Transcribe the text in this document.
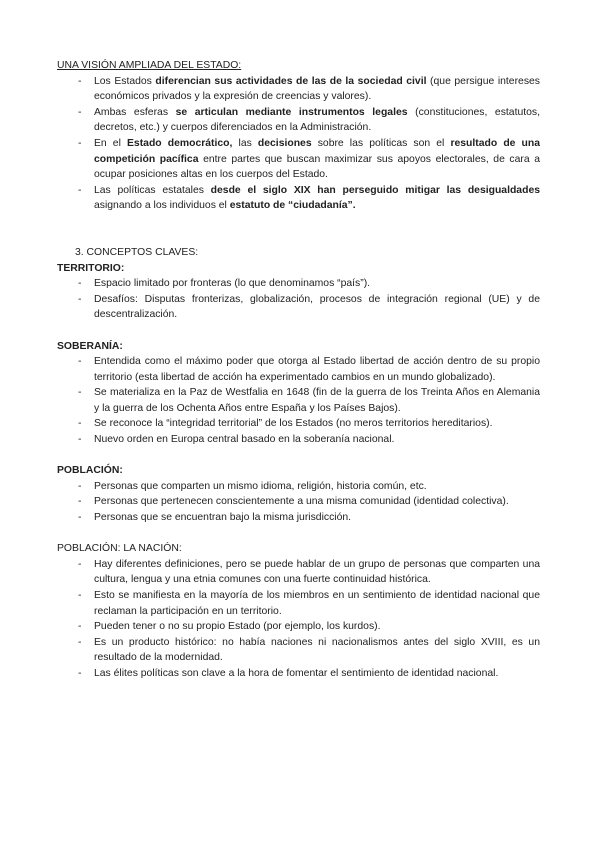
UNA VISIÓN AMPLIADA DEL ESTADO:

- Los Estados diferencian sus actividades de las de la sociedad civil (que persigue intereses económicos privados y la expresión de creencias y valores).
- Ambas esferas se articulan mediante instrumentos legales (constituciones, estatutos, decretos, etc.) y cuerpos diferenciados en la Administración.
- En el Estado democrático, las decisiones sobre las políticas son el resultado de una competición pacífica entre partes que buscan maximizar sus apoyos electorales, de cara a ocupar posiciones altas en los cuerpos del Estado.
- Las políticas estatales desde el siglo XIX han perseguido mitigar las desigualdades asignando a los individuos el estatuto de “ciudadanía”.

3. CONCEPTOS CLAVES:

TERRITORIO:

- Espacio limitado por fronteras (lo que denominamos “país”).
- Desafíos: Disputas fronterizas, globalización, procesos de integración regional (UE) y de descentralización.

SOBERANÍA:

- Entendida como el máximo poder que otorga al Estado libertad de acción dentro de su propio territorio (esta libertad de acción ha experimentado cambios en un mundo globalizado).
- Se materializa en la Paz de Westfalia en 1648 (fin de la guerra de los Treinta Años en Alemania y la guerra de los Ochenta Años entre España y los Países Bajos).
- Se reconoce la “integridad territorial” de los Estados (no meros territorios hereditarios).
- Nuevo orden en Europa central basado en la soberanía nacional.

POBLACIÓN:

- Personas que comparten un mismo idioma, religión, historia común, etc.
- Personas que pertenecen conscientemente a una misma comunidad (identidad colectiva).
- Personas que se encuentran bajo la misma jurisdicción.

POBLACIÓN: LA NACIÓN:

- Hay diferentes definiciones, pero se puede hablar de un grupo de personas que comparten una cultura, lengua y una etnia comunes con una fuerte continuidad histórica.
- Esto se manifiesta en la mayoría de los miembros en un sentimiento de identidad nacional que reclaman la participación en un territorio.
- Pueden tener o no su propio Estado (por ejemplo, los kurdos).
- Es un producto histórico: no había naciones ni nacionalismos antes del siglo XVIII, es un resultado de la modernidad.
- Las élites políticas son clave a la hora de fomentar el sentimiento de identidad nacional.
